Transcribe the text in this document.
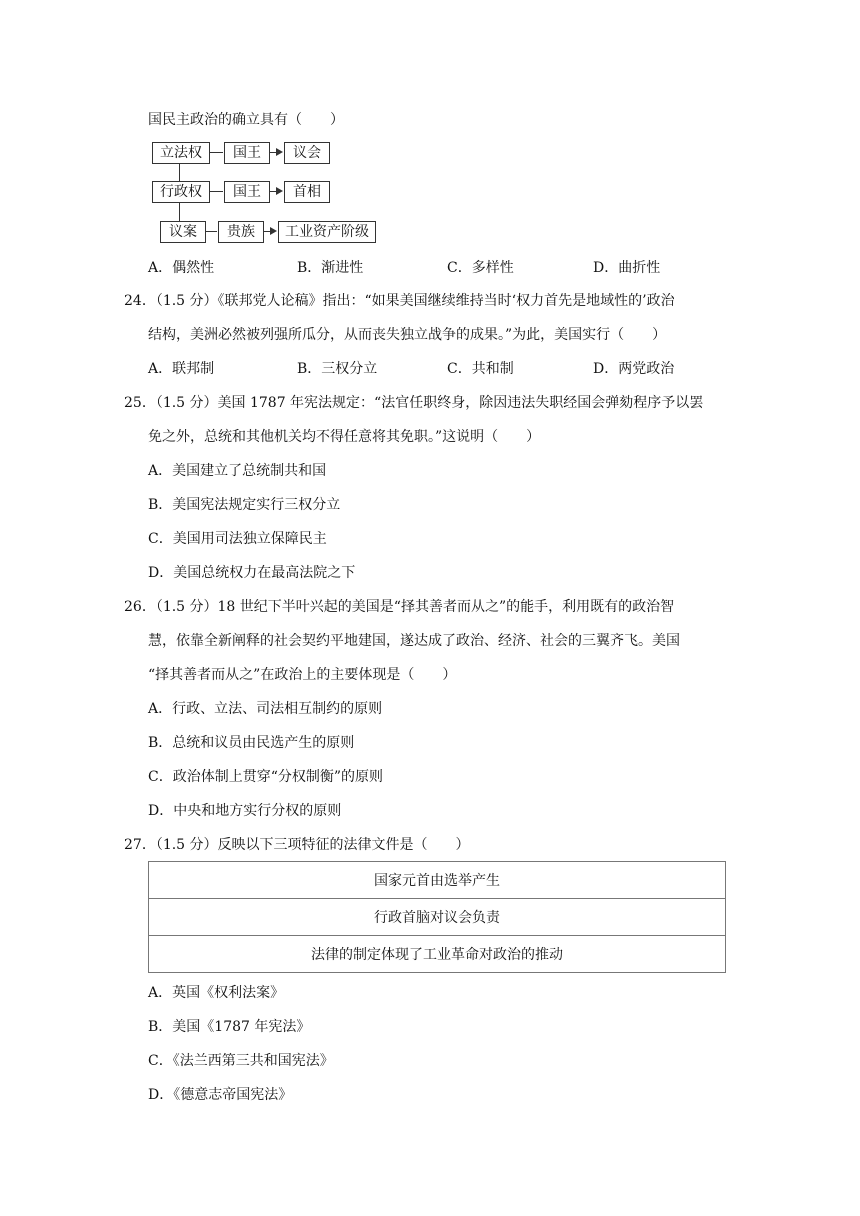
国民主政治的确立具有（　　）
立法权	国王	议会
行政权	国王	首相
议案	贵族	工业资产阶级
A．偶然性	B．渐进性	C．多样性	D．曲折性
24．（1.5 分）《联邦党人论稿》指出：“如果美国继续维持当时‘权力首先是地域性的’政治
结构，美洲必然被列强所瓜分，从而丧失独立战争的成果。”为此，美国实行（　　）
A．联邦制	B．三权分立	C．共和制	D．两党政治
25．（1.5 分）美国 1787 年宪法规定：“法官任职终身，除因违法失职经国会弹劾程序予以罢
免之外，总统和其他机关均不得任意将其免职。”这说明（　　）
A．美国建立了总统制共和国
B．美国宪法规定实行三权分立
C．美国用司法独立保障民主
D．美国总统权力在最高法院之下
26．（1.5 分）18 世纪下半叶兴起的美国是“择其善者而从之”的能手，利用既有的政治智
慧，依靠全新阐释的社会契约平地建国，遂达成了政治、经济、社会的三翼齐飞。美国
“择其善者而从之”在政治上的主要体现是（　　）
A．行政、立法、司法相互制约的原则
B．总统和议员由民选产生的原则
C．政治体制上贯穿“分权制衡”的原则
D．中央和地方实行分权的原则
27．（1.5 分）反映以下三项特征的法律文件是（　　）
国家元首由选举产生
行政首脑对议会负责
法律的制定体现了工业革命对政治的推动
A．英国《权利法案》
B．美国《1787 年宪法》
C．《法兰西第三共和国宪法》
D．《德意志帝国宪法》
